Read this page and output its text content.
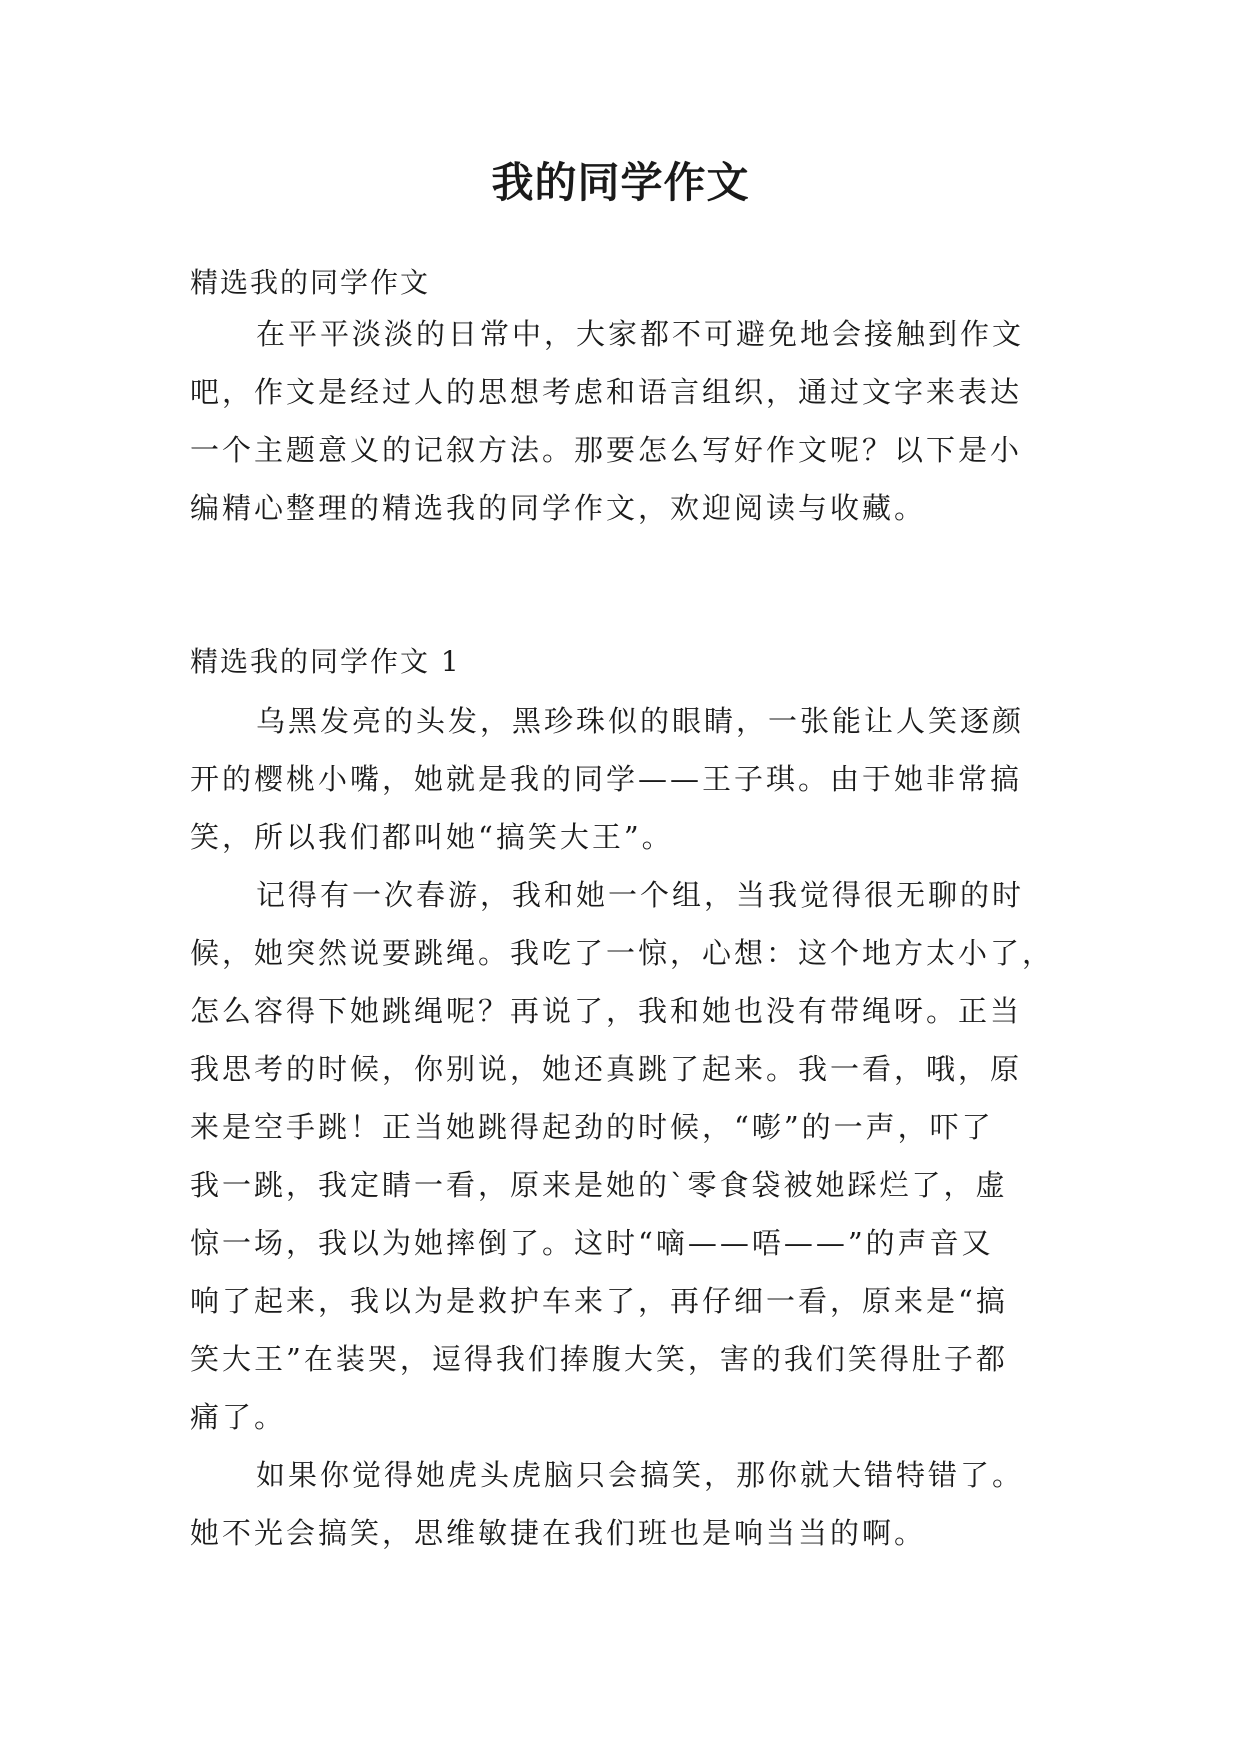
我的同学作文

精选我的同学作文

在平平淡淡的日常中，大家都不可避免地会接触到作文
吧，作文是经过人的思想考虑和语言组织，通过文字来表达
一个主题意义的记叙方法。那要怎么写好作文呢？以下是小
编精心整理的精选我的同学作文，欢迎阅读与收藏。

精选我的同学作文 1

乌黑发亮的头发，黑珍珠似的眼睛，一张能让人笑逐颜
开的樱桃小嘴，她就是我的同学——王子琪。由于她非常搞
笑，所以我们都叫她“搞笑大王”。
记得有一次春游，我和她一个组，当我觉得很无聊的时
候，她突然说要跳绳。我吃了一惊，心想：这个地方太小了，
怎么容得下她跳绳呢？再说了，我和她也没有带绳呀。正当
我思考的时候，你别说，她还真跳了起来。我一看，哦，原
来是空手跳！正当她跳得起劲的时候，“嘭”的一声，吓了
我一跳，我定睛一看，原来是她的`零食袋被她踩烂了，虚
惊一场，我以为她摔倒了。这时“嘀——唔——”的声音又
响了起来，我以为是救护车来了，再仔细一看，原来是“搞
笑大王”在装哭，逗得我们捧腹大笑，害的我们笑得肚子都
痛了。
如果你觉得她虎头虎脑只会搞笑，那你就大错特错了。
她不光会搞笑，思维敏捷在我们班也是响当当的啊。
